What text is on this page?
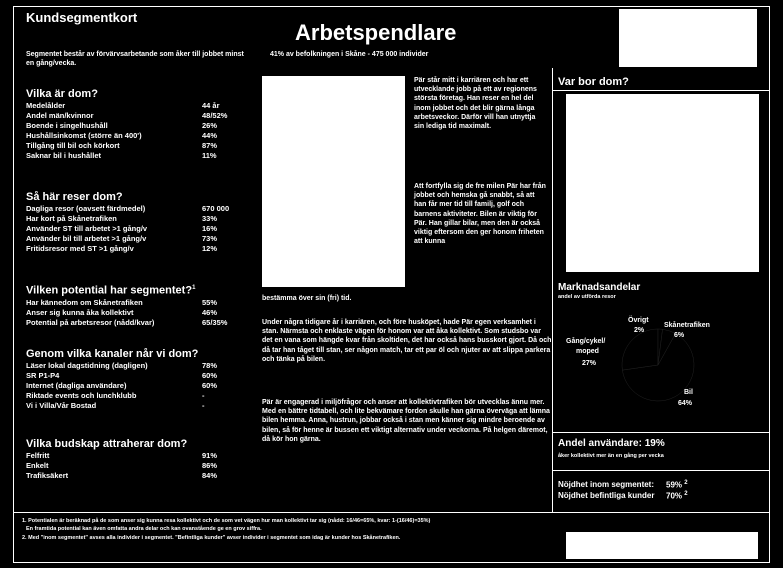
Kundsegmentkort
Arbetspendlare
41% av befolkningen i Skåne - 475 000 individer
Segmentet består av förvärvsarbetande som åker till jobbet minst en gång/vecka.
Vilka är dom?
Medelålder	44 år
Andel män/kvinnor	48/52%
Boende i singelhushåll	26%
Hushållsinkomst (större än 400')	44%
Tillgång till bil och körkort	87%
Saknar bil i hushållet	11%
Så här reser dom?
Dagliga resor (oavsett färdmedel)	670 000
Har kort på Skånetrafiken	33%
Använder ST till arbetet >1 gång/v	16%
Använder bil till arbetet >1 gång/v	73%
Fritidsresor med ST >1 gång/v	12%
Vilken potential har segmentet?$^1$
Har kännedom om Skånetrafiken	55%
Anser sig kunna åka kollektivt	46%
Potential på arbetsresor (nådd/kvar)	65/35%
Genom vilka kanaler når vi dom?
Läser lokal dagstidning (dagligen)	78%
SR P1-P4	60%
Internet (dagliga användare)	60%
Riktade events och lunchklubb	-
Vi i Villa/Vår Bostad	-
Vilka budskap attraherar dom?
Felfritt	91%
Enkelt	86%
Trafiksäkert	84%
Pär står mitt i karriären och har ett utvecklande jobb på ett av regionens största företag. Han reser en hel del inom jobbet och det blir gärna långa arbetsveckor. Därför vill han utnyttja sin lediga tid maximalt.
Att fortfylla sig de fre milen Pär har från jobbet och hemska gå snabbt, så att han får mer tid till familj, golf och barnens aktiviteter. Bilen är viktig för Pär. Han gillar bilar, men den är också viktig eftersom den ger honom friheten att kunna
bestämma över sin (fri) tid.
Under några tidigare år i karriären, och före husköpet, hade Pär egen verksamhet i stan. Närmsta och enklaste vägen för honom var att åka kollektivt. Som studsbo var det en vana som hängde kvar från skoltiden, det har också hans busskort gjort. Då och då tar han tåget till stan, ser någon match, tar ett par öl och njuter av att slippa parkera och tänka på bilen.
Pär är engagerad i miljöfrågor och anser att kollektivtrafiken bör utvecklas ännu mer. Med en bättre tidtabell, och lite bekvämare fordon skulle han gärna överväga att lämna bilen hemma. Anna, hustrun, jobbar också i stan men känner sig mindre beroende av bilen, så för henne är bussen ett viktigt alternativ under veckorna. På helgen däremot, då kör hon gärna.
Var bor dom?
Marknadsandelar
andel av utförda resor
Övrigt
2%
Skånetrafiken
6%
Gång/cykel/
moped
27%
Bil
64%
Andel användare: 19%
åker kollektivt mer än en gång per vecka
Nöjdhet inom segmentet: 59% $^2$
Nöjdhet befintliga kunder 70% $^2$
1. Potentialen är beräknad på de som anser sig kunna resa kollektivt och de som vet vägen hur man kollektivt tar sig (nådd: 16/46=65%, kvar: 1-(16/46)=35%)
En framtida potential kan även omfatta andra delar och kan ovanstående ge en grov siffra.
2. Med "inom segmentet" avses alla individer i segmentet. "Befintliga kunder" avser individer i segmentet som idag är kunder hos Skånetrafiken.
